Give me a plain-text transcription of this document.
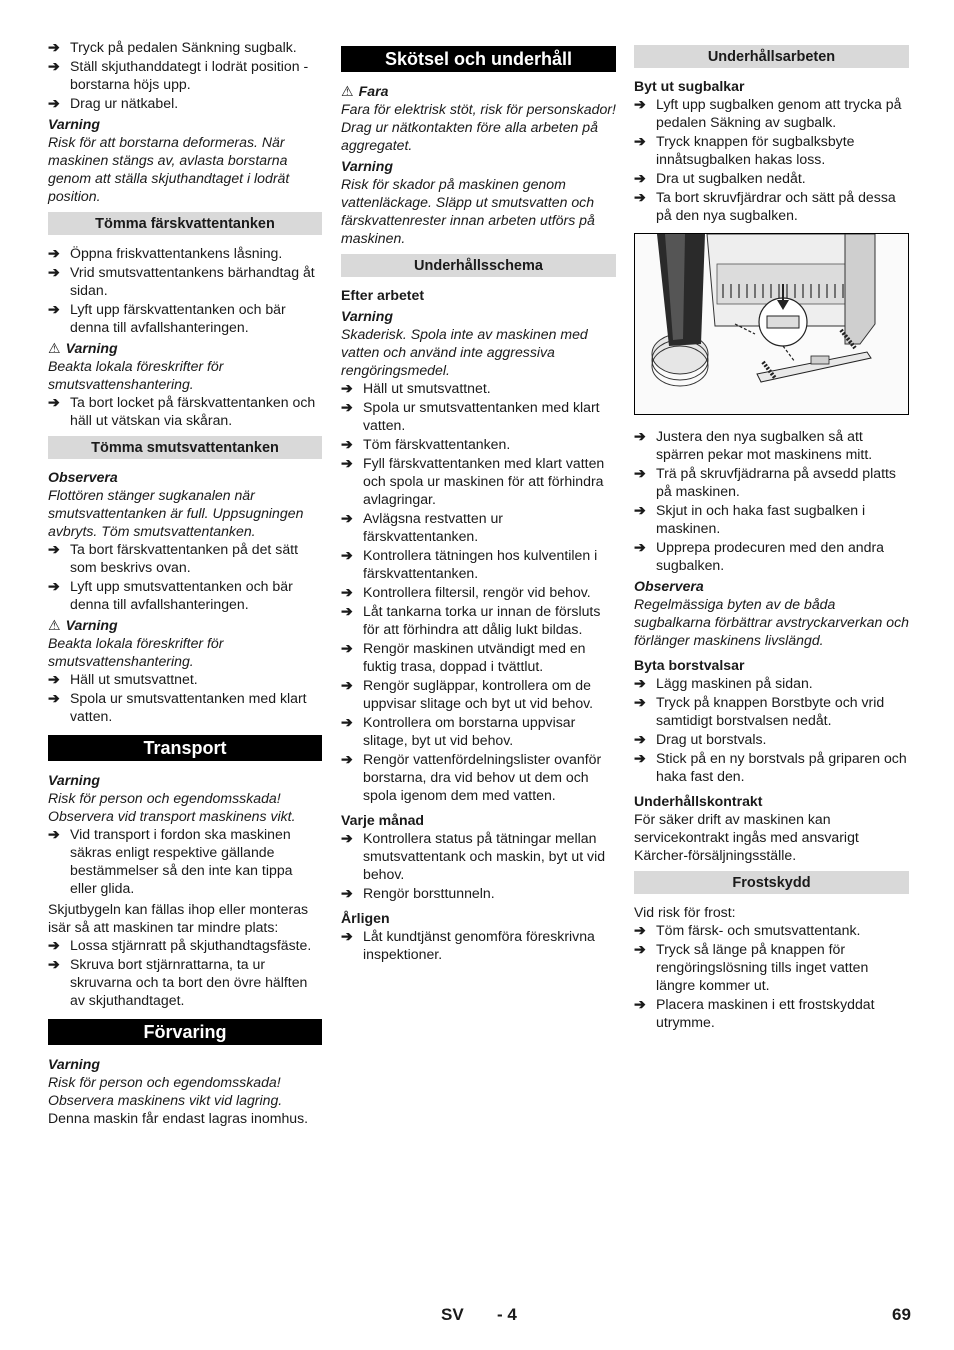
➔ Tryck på pedalen Sänkning sugbalk.
➔ Ställ skjuthanddategt i lodrät position - borstarna höjs upp.
➔ Drag ur nätkabel.
Varning

Risk för att borstarna deformeras. När maskinen stängs av, avlasta borstarna genom att ställa skjuthandtaget i lodrät position.

Tömma färskvattentanken
➔ Öppna friskvattentankens låsning.
➔ Vrid smutsvattentankens bärhandtag åt sidan.
➔ Lyft upp färskvattentanken och bär denna till avfallshanteringen.
⚠ Varning

Beakta lokala föreskrifter för smutsvattenshantering.

➔ Ta bort locket på färskvattentanken och häll ut vätskan via skåran.
Tömma smutsvattentanken
Observera

Flottören stänger sugkanalen när smutsvattentanken är full. Uppsugningen avbryts. Töm smutsvattentanken.

➔ Ta bort färskvattentanken på det sätt som beskrivs ovan.
➔ Lyft upp smutsvattentanken och bär denna till avfallshanteringen.
⚠ Varning

Beakta lokala föreskrifter för smutsvattenshantering.

➔ Häll ut smutsvattnet.
➔ Spola ur smutsvattentanken med klart vatten.
Transport
Varning

Risk för person och egendomsskada! Observera vid transport maskinens vikt.

➔ Vid transport i fordon ska maskinen säkras enligt respektive gällande bestämmelser så den inte kan tippa eller glida.

Skjutbygeln kan fällas ihop eller monteras isär så att maskinen tar mindre plats:

➔ Lossa stjärnratt på skjuthandtagsfäste.
➔ Skruva bort stjärnrattarna, ta ur skruvarna och ta bort den övre hälften av skjuthandtaget.
Förvaring
Varning

Risk för person och egendomsskada! Observera maskinens vikt vid lagring.

Denna maskin får endast lagras inomhus.

Skötsel och underhåll
⚠ Fara

Fara för elektrisk stöt, risk för personskador!

Drag ur nätkontakten före alla arbeten på aggregatet.

Varning

Risk för skador på maskinen genom vattenläckage. Släpp ut smutsvatten och färskvattenrester innan arbeten utförs på maskinen.

Underhållsschema
Efter arbetet
Varning

Skaderisk. Spola inte av maskinen med vatten och använd inte aggressiva rengöringsmedel.

➔ Häll ut smutsvattnet.
➔ Spola ur smutsvattentanken med klart vatten.
➔ Töm färskvattentanken.
➔ Fyll färskvattentanken med klart vatten och spola ur maskinen för att förhindra avlagringar.
➔ Avlägsna restvatten ur färskvattentanken.
➔ Kontrollera tätningen hos kulventilen i färskvattentanken.
➔ Kontrollera filtersil, rengör vid behov.
➔ Låt tankarna torka ur innan de försluts för att förhindra att dålig lukt bildas.
➔ Rengör maskinen utvändigt med en fuktig trasa, doppad i tvättlut.
➔ Rengör sugläppar, kontrollera om de uppvisar slitage och byt ut vid behov.
➔ Kontrollera om borstarna uppvisar slitage, byt ut vid behov.
➔ Rengör vattenfördelningslister ovanför borstarna, dra vid behov ut dem och spola igenom dem med vatten.
Varje månad
➔ Kontrollera status på tätningar mellan smutsvattentank och maskin, byt ut vid behov.
➔ Rengör borsttunneln.
Årligen
➔ Låt kundtjänst genomföra föreskrivna inspektioner.
Underhållsarbeten
Byt ut sugbalkar
➔ Lyft upp sugbalken genom att trycka på pedalen Säkning av sugbalk.
➔ Tryck knappen för sugbalksbyte innåtsugbalken hakas loss.
➔ Dra ut sugbalken nedåt.
➔ Ta bort skruvfjärdrar och sätt på dessa på den nya sugbalken.
➔ Justera den nya sugbalken så att spärren pekar mot maskinens mitt.
➔ Trä på skruvfjädrarna på avsedd platts på maskinen.
➔ Skjut in och haka fast sugbalken i maskinen.
➔ Upprepa prodecuren med den andra sugbalken.
Observera

Regelmässiga byten av de båda sugbalkarna förbättrar avstryckarverkan och förlänger maskinens livslängd.

Byta borstvalsar
➔ Lägg maskinen på sidan.
➔ Tryck på knappen Borstbyte och vrid samtidigt borstvalsen nedåt.
➔ Drag ut borstvals.
➔ Stick på en ny borstvals på griparen och haka fast den.
Underhållskontrakt

För säker drift av maskinen kan servicekontrakt ingås med ansvarigt Kärcher-försäljningsställe.

Frostskydd

Vid risk för frost:

➔ Töm färsk- och smutsvattentank.
➔ Tryck så länge på knappen för rengöringslösning tills inget vatten längre kommer ut.
➔ Placera maskinen i ett frostskyddat utrymme.
SV - 4	69
